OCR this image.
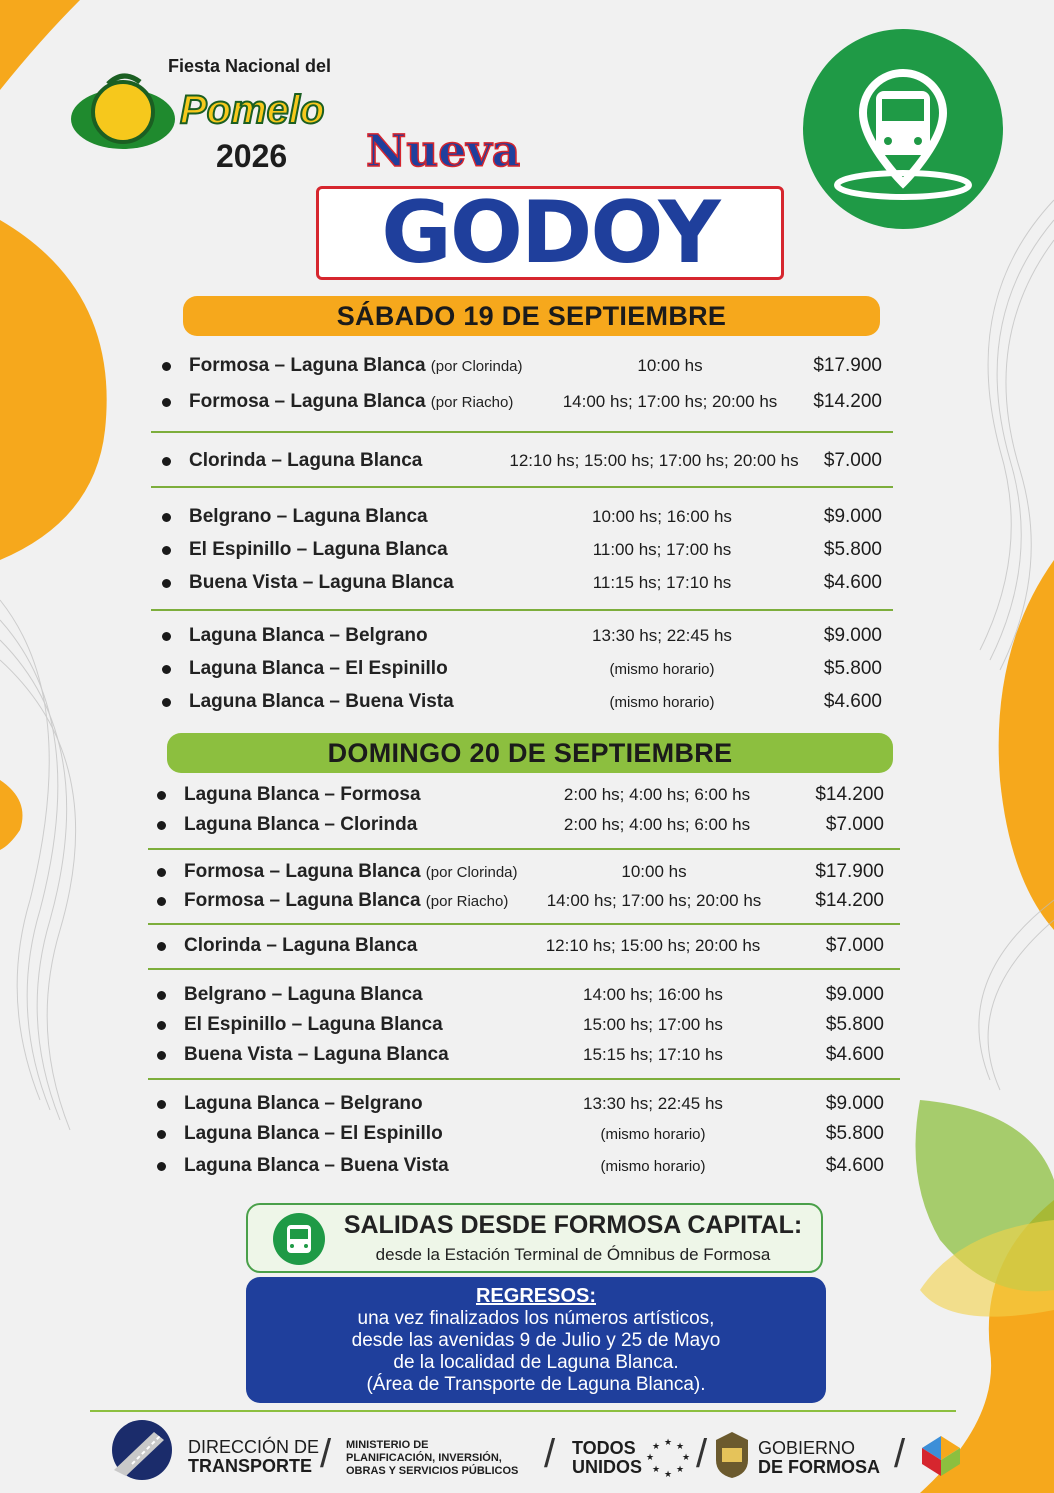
Fiesta Nacional del
Pomelo
2026 Nueva
GODOY
SÁBADO 19 DE SEPTIEMBRE
Formosa – Laguna Blanca (por Clorinda)	10:00 hs	$17.900
Formosa – Laguna Blanca (por Riacho)	14:00 hs; 17:00 hs; 20:00 hs	$14.200
Clorinda – Laguna Blanca	12:10 hs; 15:00 hs; 17:00 hs; 20:00 hs	$7.000
Belgrano – Laguna Blanca	10:00 hs; 16:00 hs	$9.000
El Espinillo – Laguna Blanca	11:00 hs; 17:00 hs	$5.800
Buena Vista – Laguna Blanca	11:15 hs; 17:10 hs	$4.600
Laguna Blanca – Belgrano	13:30 hs; 22:45 hs	$9.000
Laguna Blanca – El Espinillo	(mismo horario)	$5.800
Laguna Blanca – Buena Vista	(mismo horario)	$4.600
DOMINGO 20 DE SEPTIEMBRE
Laguna Blanca – Formosa	2:00 hs; 4:00 hs; 6:00 hs	$14.200
Laguna Blanca – Clorinda	2:00 hs; 4:00 hs; 6:00 hs	$7.000
Formosa – Laguna Blanca (por Clorinda)	10:00 hs	$17.900
Formosa – Laguna Blanca (por Riacho)	14:00 hs; 17:00 hs; 20:00 hs	$14.200
Clorinda – Laguna Blanca	12:10 hs; 15:00 hs; 20:00 hs	$7.000
Belgrano – Laguna Blanca	14:00 hs; 16:00 hs	$9.000
El Espinillo – Laguna Blanca	15:00 hs; 17:00 hs	$5.800
Buena Vista – Laguna Blanca	15:15 hs; 17:10 hs	$4.600
Laguna Blanca – Belgrano	13:30 hs; 22:45 hs	$9.000
Laguna Blanca – El Espinillo	(mismo horario)	$5.800
Laguna Blanca – Buena Vista	(mismo horario)	$4.600
SALIDAS DESDE FORMOSA CAPITAL:
desde la Estación Terminal de Ómnibus de Formosa
REGRESOS:
una vez finalizados los números artísticos,
desde las avenidas 9 de Julio y 25 de Mayo
de la localidad de Laguna Blanca.
(Área de Transporte de Laguna Blanca).
DIRECCIÓN DE
TRANSPORTE / MINISTERIO DE
PLANIFICACIÓN, INVERSIÓN,
OBRAS Y SERVICIOS PÚBLICOS / TODOS
UNIDOS
★ ★
★
★
★
★
★
★ /	GOBIERNO
DE FORMOSA /
